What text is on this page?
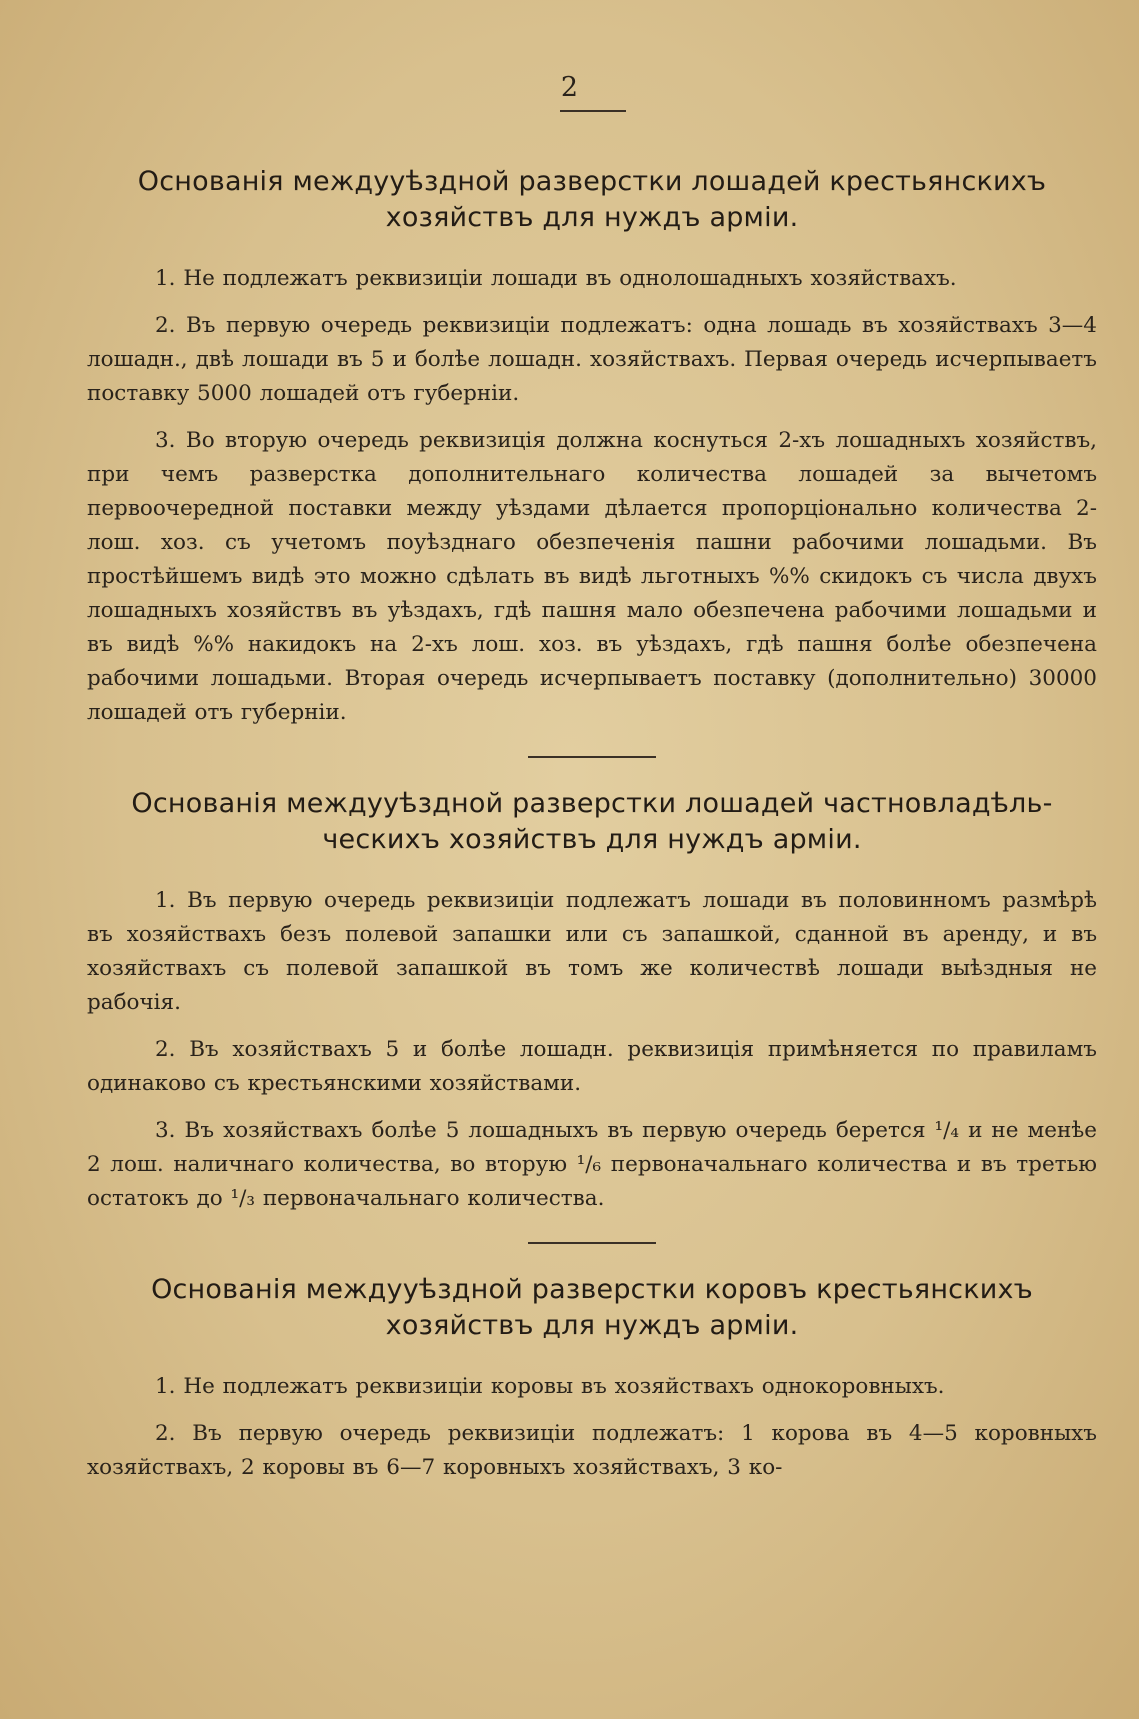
2
Основанія междууѣздной разверстки лошадей крестьянскихъ
хозяйствъ для нуждъ арміи.

1. Не подлежатъ реквизиціи лошади въ однолошадныхъ хозяйствахъ.

2. Въ первую очередь реквизиціи подлежатъ: одна лошадь въ хозяйствахъ 3—4 лошадн., двѣ лошади въ 5 и болѣе лошадн. хозяйствахъ. Первая очередь исчерпываетъ поставку 5000 лошадей отъ губерніи.

3. Во вторую очередь реквизиція должна коснуться 2-хъ лошадныхъ хозяйствъ, при чемъ разверстка дополнительнаго количества лошадей за вычетомъ первоочередной поставки между уѣздами дѣлается пропорціонально количества 2-лош. хоз. съ учетомъ поуѣзднаго обезпеченія пашни рабочими лошадьми. Въ простѣйшемъ видѣ это можно сдѣлать въ видѣ льготныхъ %% скидокъ съ числа двухъ лошадныхъ хозяйствъ въ уѣздахъ, гдѣ пашня мало обезпечена рабочими лошадьми и въ видѣ %% накидокъ на 2-хъ лош. хоз. въ уѣздахъ, гдѣ пашня болѣе обезпечена рабочими лошадьми. Вторая очередь исчерпываетъ поставку (дополнительно) 30000 лошадей отъ губерніи.

Основанія междууѣздной разверстки лошадей частновладѣль-
ческихъ хозяйствъ для нуждъ арміи.

1. Въ первую очередь реквизиціи подлежатъ лошади въ половинномъ размѣрѣ въ хозяйствахъ безъ полевой запашки или съ запашкой, сданной въ аренду, и въ хозяйствахъ съ полевой запашкой въ томъ же количествѣ лошади выѣздныя не рабочія.

2. Въ хозяйствахъ 5 и болѣе лошадн. реквизиція примѣняется по правиламъ одинаково съ крестьянскими хозяйствами.

3. Въ хозяйствахъ болѣе 5 лошадныхъ въ первую очередь берется ¹/₄ и не менѣе 2 лош. наличнаго количества, во вторую ¹/₆ первоначальнаго количества и въ третью остатокъ до ¹/₃ первоначальнаго количества.

Основанія междууѣздной разверстки коровъ крестьянскихъ
хозяйствъ для нуждъ арміи.

1. Не подлежатъ реквизиціи коровы въ хозяйствахъ однокоровныхъ.

2. Въ первую очередь реквизиціи подлежатъ: 1 корова въ 4—5 коровныхъ хозяйствахъ, 2 коровы въ 6—7 коровныхъ хозяйствахъ, 3 ко-
